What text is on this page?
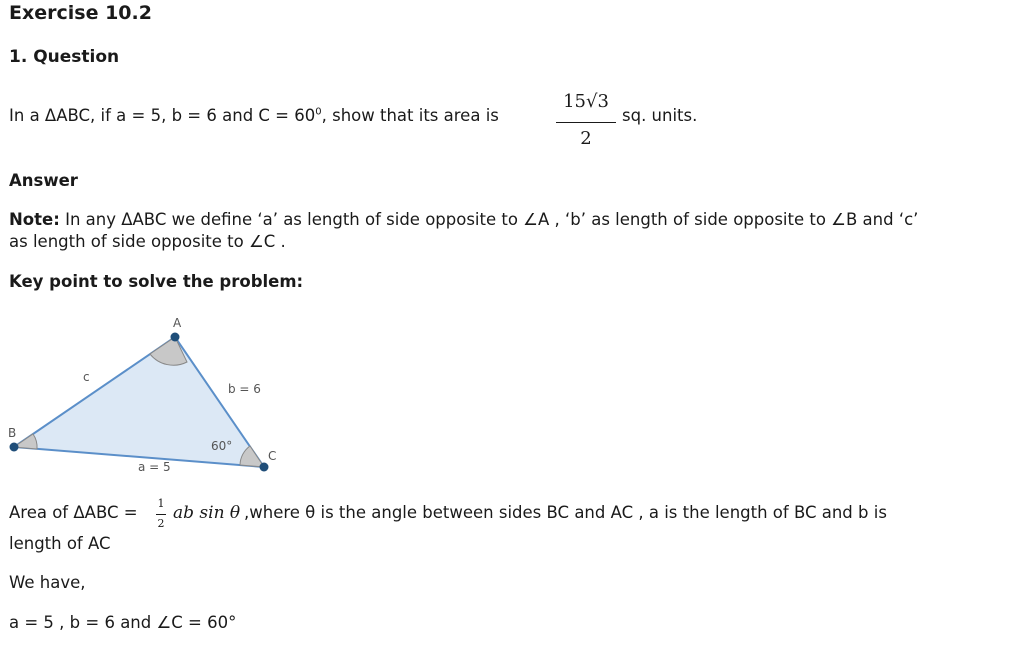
Exercise 10.2
1. Question
In a ΔABC, if a = 5, b = 6 and $C = 60^0$, show that its area is
15√3
2
sq. units.
Answer
Note: In any ΔABC we define ‘a’ as length of side opposite to ∠A , ‘b’ as length of side opposite to ∠B and ‘c’
as length of side opposite to ∠C .
Key point to solve the problem:
A
B
C
c
b = 6
a = 5
60°
Area of ΔABC = 1
2
ab sin θ ,where θ is the angle between sides BC and AC , a is the length of BC and b is
length of AC
We have,
a = 5 , b = 6 and ∠C = 60°
